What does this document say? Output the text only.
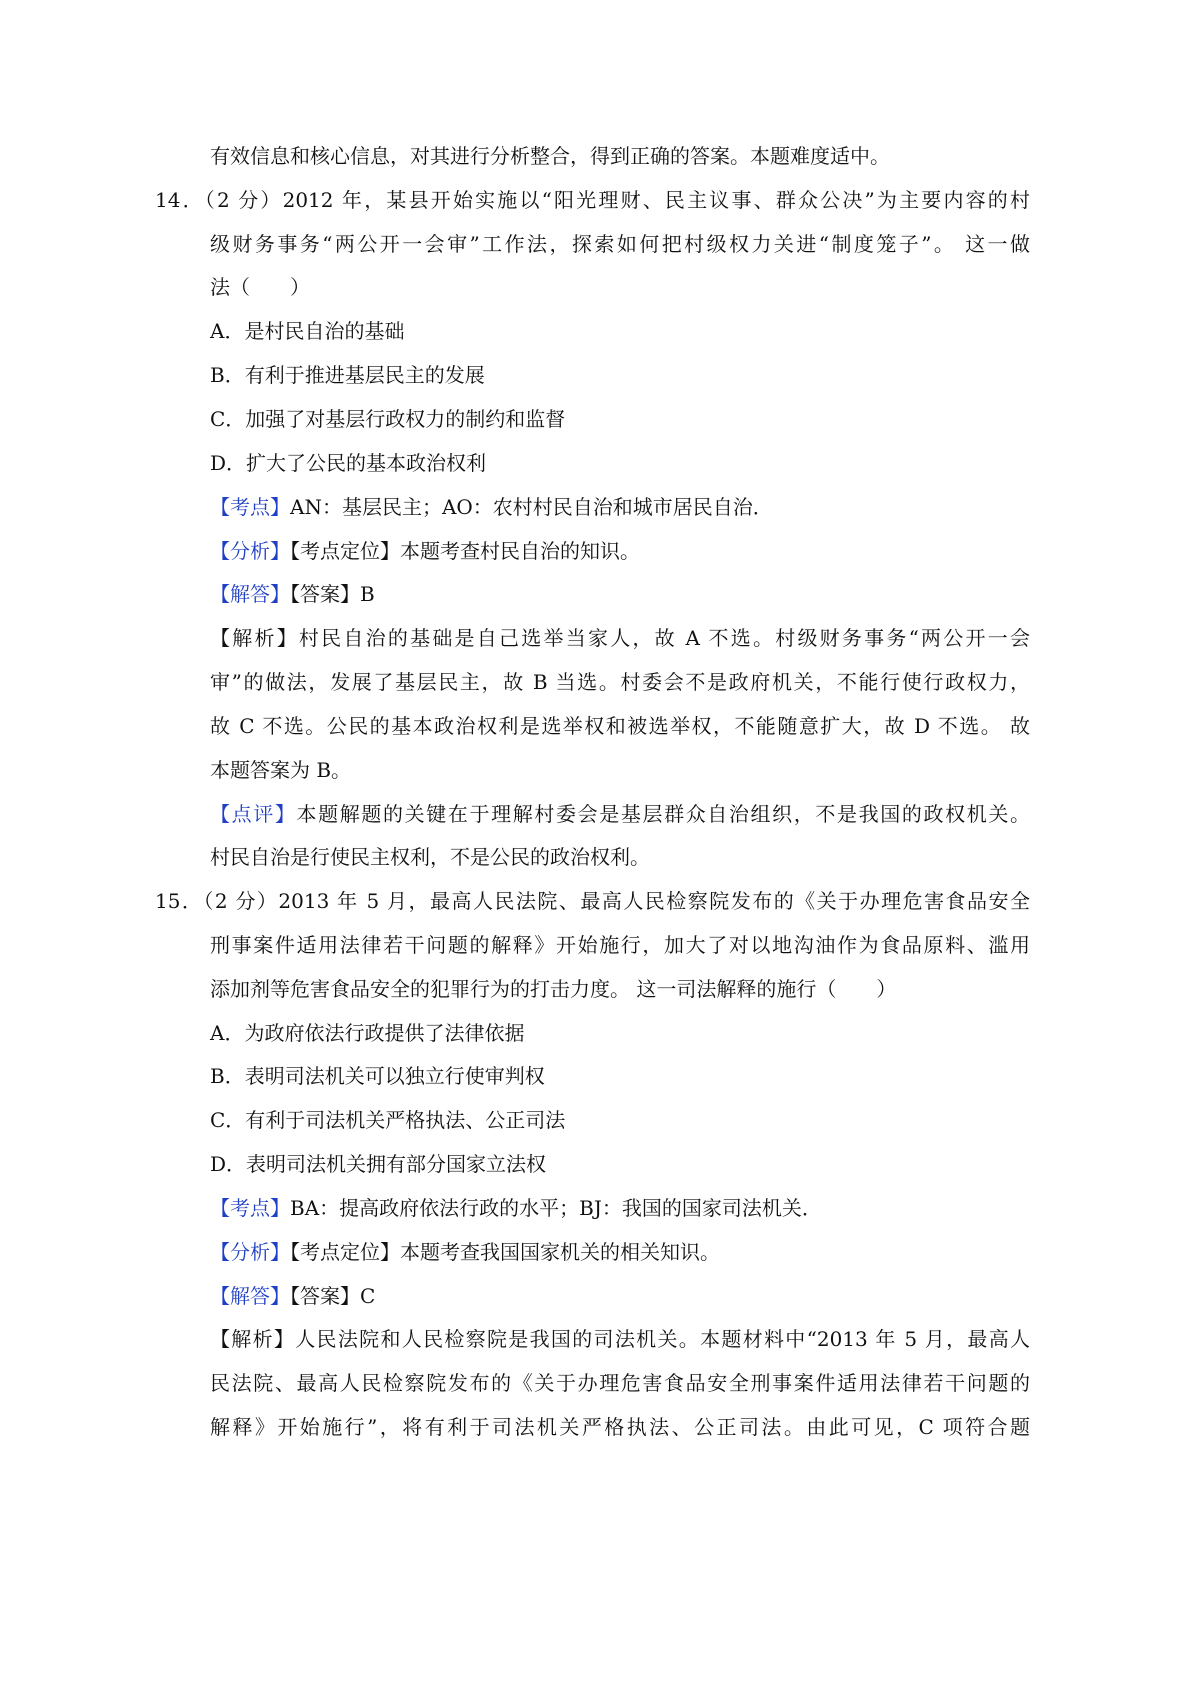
有效信息和核心信息，对其进行分析整合，得到正确的答案。本题难度适中。
14．（2 分）2012 年，某县开始实施以“阳光理财、民主议事、群众公决”为主要内容的村
级财务事务“两公开一会审”工作法，探索如何把村级权力关进“制度笼子”。 这一做
法（　　）
A．是村民自治的基础
B．有利于推进基层民主的发展
C．加强了对基层行政权力的制约和监督
D．扩大了公民的基本政治权利
【考点】AN：基层民主；AO：农村村民自治和城市居民自治．
【分析】【考点定位】本题考查村民自治的知识。
【解答】【答案】B
【解析】村民自治的基础是自己选举当家人，故 A 不选。村级财务事务“两公开一会
审”的做法，发展了基层民主，故 B 当选。村委会不是政府机关，不能行使行政权力，
故 C 不选。公民的基本政治权利是选举权和被选举权，不能随意扩大，故 D 不选。 故
本题答案为 B。
【点评】本题解题的关键在于理解村委会是基层群众自治组织，不是我国的政权机关。
村民自治是行使民主权利，不是公民的政治权利。
15．（2 分）2013 年 5 月，最高人民法院、最高人民检察院发布的《关于办理危害食品安全
刑事案件适用法律若干问题的解释》开始施行，加大了对以地沟油作为食品原料、滥用
添加剂等危害食品安全的犯罪行为的打击力度。 这一司法解释的施行（　　）
A．为政府依法行政提供了法律依据
B．表明司法机关可以独立行使审判权
C．有利于司法机关严格执法、公正司法
D．表明司法机关拥有部分国家立法权
【考点】BA：提高政府依法行政的水平；BJ：我国的国家司法机关．
【分析】【考点定位】本题考查我国国家机关的相关知识。
【解答】【答案】C
【解析】人民法院和人民检察院是我国的司法机关。本题材料中“2013 年 5 月，最高人
民法院、最高人民检察院发布的《关于办理危害食品安全刑事案件适用法律若干问题的
解释》开始施行”，将有利于司法机关严格执法、公正司法。由此可见，C 项符合题
